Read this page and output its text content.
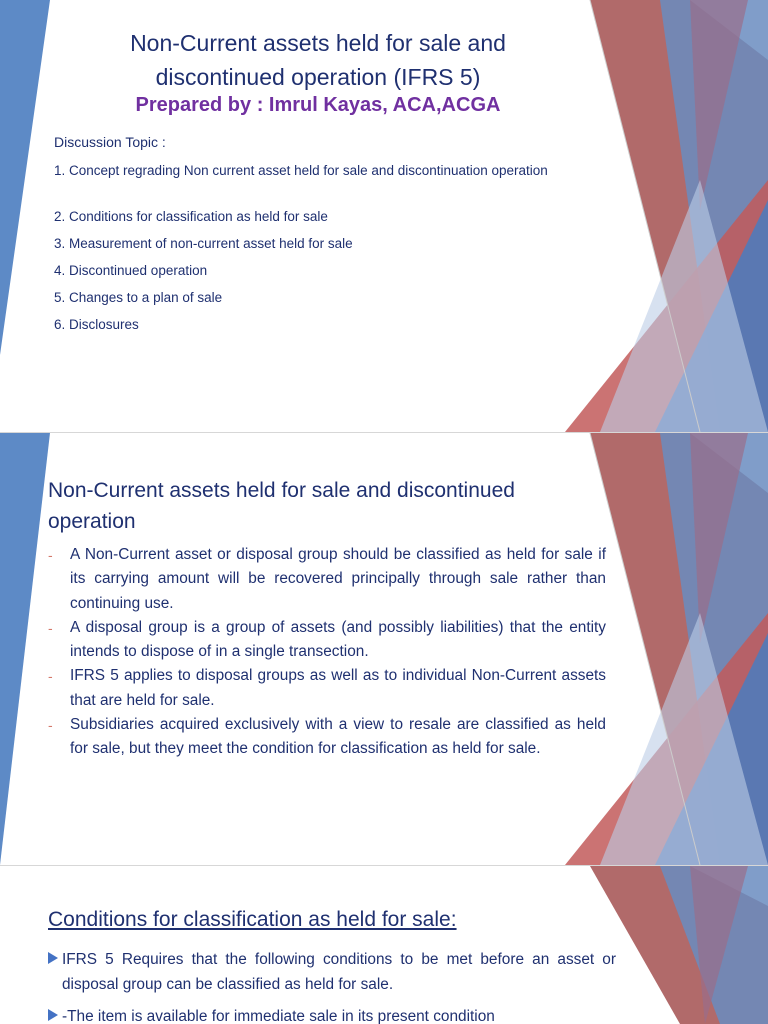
Non-Current assets held for sale and
discontinued operation (IFRS 5)
Prepared by : Imrul Kayas, ACA,ACGA
Discussion Topic :
1. Concept regrading Non current asset held for sale and discontinuation operation
2. Conditions for classification as held for sale
3. Measurement of non-current asset held for sale
4. Discontinued operation
5. Changes to a plan of sale
6. Disclosures
Non-Current assets held for sale and discontinued operation
- A Non-Current asset or disposal group should be classified as held for sale if its carrying amount will be recovered principally through sale rather than continuing use.
- A disposal group is a group of assets (and possibly liabilities) that the entity intends to dispose of in a single transection.
- IFRS 5 applies to disposal groups as well as to individual Non-Current assets that are held for sale.
- Subsidiaries acquired exclusively with a view to resale are classified as held for sale, but they meet the condition for classification as held for sale.
Conditions for classification as held for sale:
IFRS 5 Requires that the following conditions to be met before an asset or disposal group can be classified as held for sale.
-The item is available for immediate sale in its present condition
